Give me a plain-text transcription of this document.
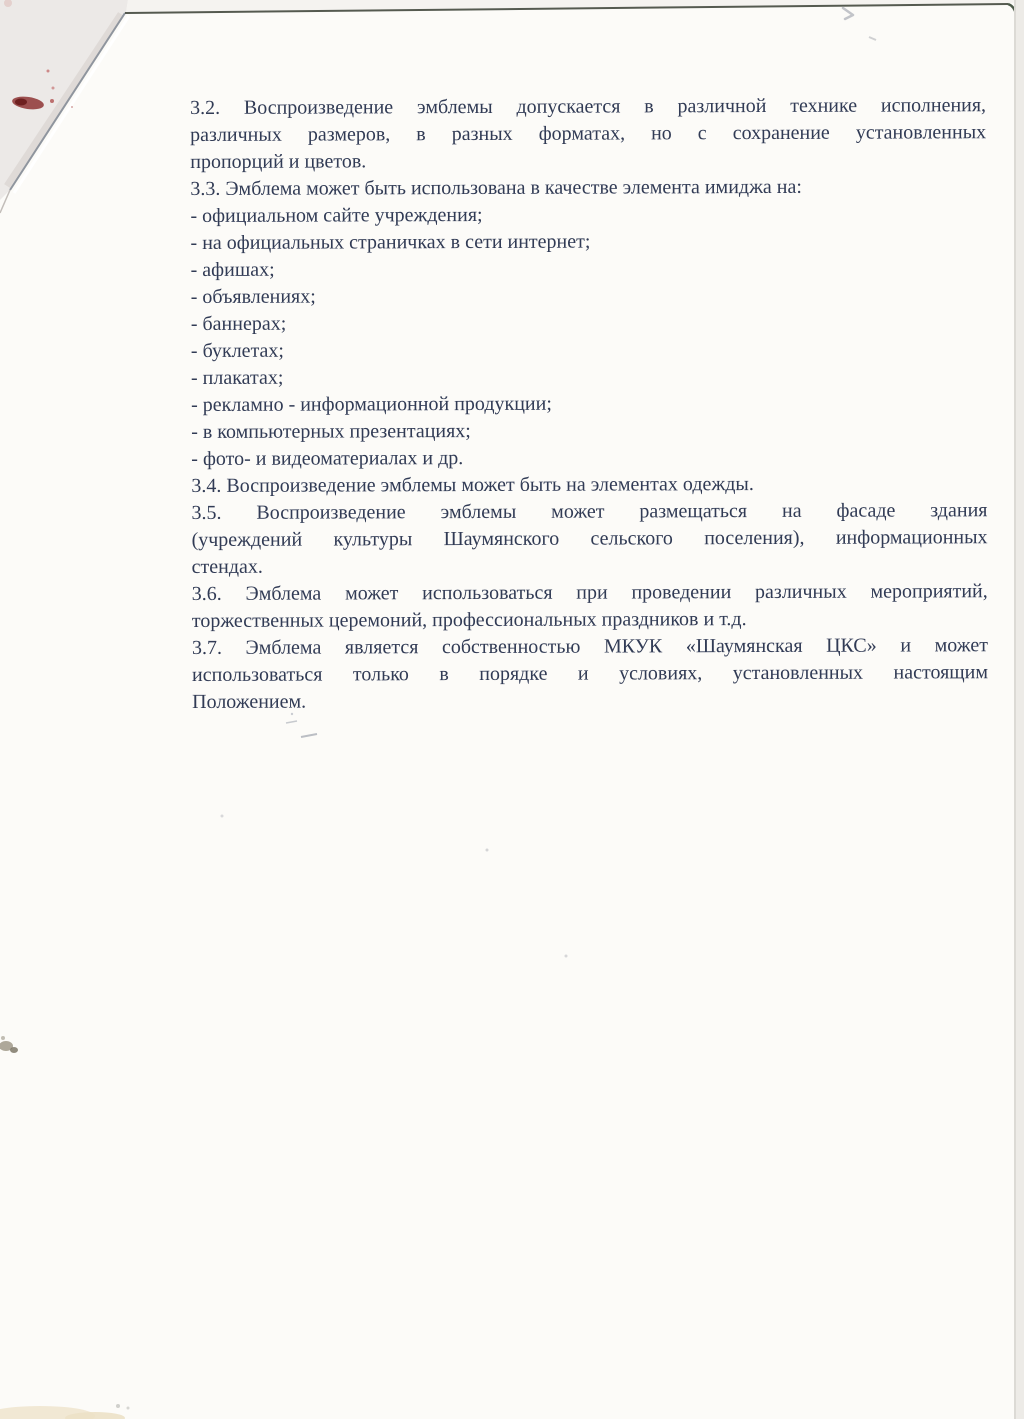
3.2. Воспроизведение эмблемы допускается в различной технике исполнения,
различных размеров, в разных форматах, но с сохранение установленных
пропорций и цветов.
3.3. Эмблема может быть использована в качестве элемента имиджа на:
- официальном сайте учреждения;
- на официальных страничках в сети интернет;
- афишах;
- объявлениях;
- баннерах;
- буклетах;
- плакатах;
- рекламно - информационной продукции;
- в компьютерных презентациях;
- фото- и видеоматериалах и др.
3.4. Воспроизведение эмблемы может быть на элементах одежды.
3.5. Воспроизведение эмблемы может размещаться на фасаде здания
(учреждений культуры Шаумянского сельского поселения), информационных
стендах.
3.6. Эмблема может использоваться при проведении различных мероприятий,
торжественных церемоний, профессиональных праздников и т.д.
3.7. Эмблема является собственностью МКУК «Шаумянская ЦКС» и может
использоваться только в порядке и условиях, установленных настоящим
Положением.
